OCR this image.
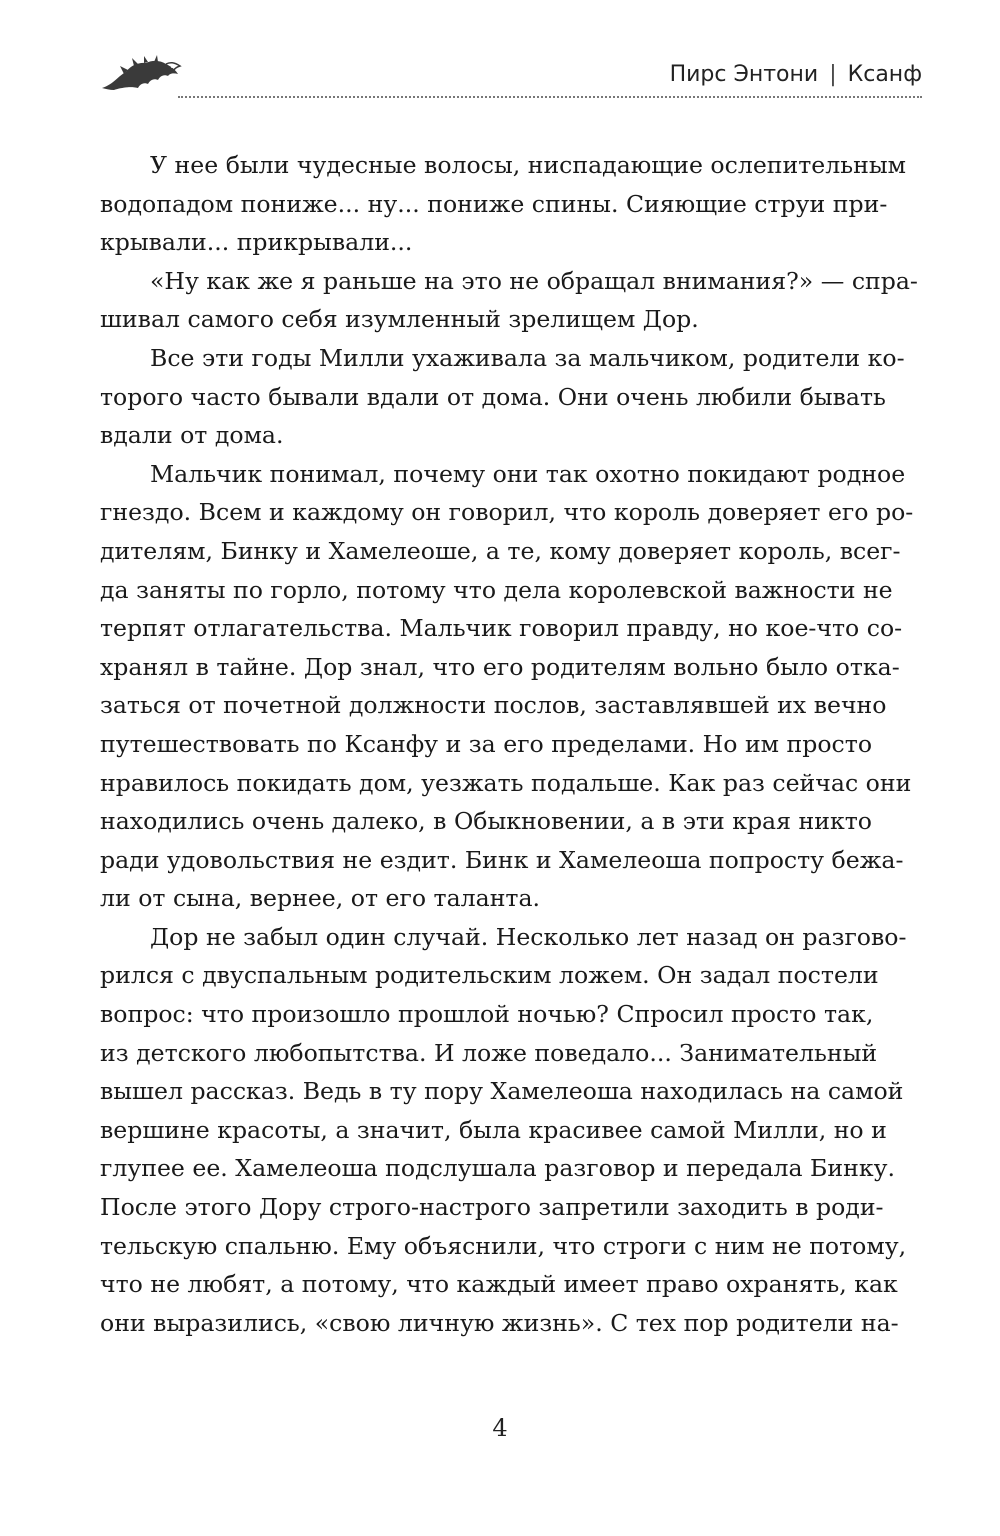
Пирс Энтони | Ксанф

У нее были чудесные волосы, ниспадающие ослепительным
водопадом пониже... ну... пониже спины. Сияющие струи при-
крывали... прикрывали...

«Ну как же я раньше на это не обращал внимания?» — спра-
шивал самого себя изумленный зрелищем Дор.

Все эти годы Милли ухаживала за мальчиком, родители ко-
торого часто бывали вдали от дома. Они очень любили бывать
вдали от дома.

Мальчик понимал, почему они так охотно покидают родное
гнездо. Всем и каждому он говорил, что король доверяет его ро-
дителям, Бинку и Хамелеоше, а те, кому доверяет король, всег-
да заняты по горло, потому что дела королевской важности не
терпят отлагательства. Мальчик говорил правду, но кое-что со-
хранял в тайне. Дор знал, что его родителям вольно было отка-
заться от почетной должности послов, заставлявшей их вечно
путешествовать по Ксанфу и за его пределами. Но им просто
нравилось покидать дом, уезжать подальше. Как раз сейчас они
находились очень далеко, в Обыкновении, а в эти края никто
ради удовольствия не ездит. Бинк и Хамелеоша попросту бежа-
ли от сына, вернее, от его таланта.

Дор не забыл один случай. Несколько лет назад он разгово-
рился с двуспальным родительским ложем. Он задал постели
вопрос: что произошло прошлой ночью? Спросил просто так,
из детского любопытства. И ложе поведало... Занимательный
вышел рассказ. Ведь в ту пору Хамелеоша находилась на самой
вершине красоты, а значит, была красивее самой Милли, но и
глупее ее. Хамелеоша подслушала разговор и передала Бинку.
После этого Дору строго-настрого запретили заходить в роди-
тельскую спальню. Ему объяснили, что строги с ним не потому,
что не любят, а потому, что каждый имеет право охранять, как
они выразились, «свою личную жизнь». С тех пор родители на-

4
